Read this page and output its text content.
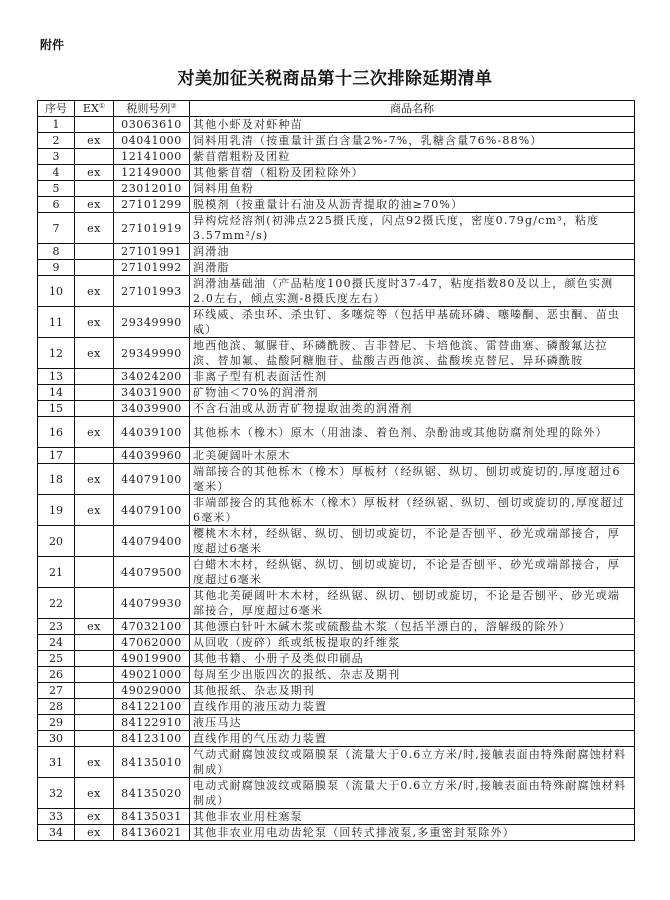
附件
对美加征关税商品第十三次排除延期清单
序号	EX①	税则号列②	商品名称
1		03063610	其他小虾及对虾种苗
2	ex	04041000	饲料用乳清（按重量计蛋白含量2%-7%，乳糖含量76%-88%）
3		12141000	紫苜蓿粗粉及团粒
4	ex	12149000	其他紫苜蓿（粗粉及团粒除外）
5		23012010	饲料用鱼粉
6	ex	27101299	脱模剂（按重量计石油及从沥青提取的油≥70%）
7	ex	27101919	异构烷烃溶剂(初沸点225摄氏度，闪点92摄氏度，密度0.79g/cm³，粘度3.57mm²/s)
8		27101991	润滑油
9		27101992	润滑脂
10	ex	27101993	润滑油基础油（产品粘度100摄氏度时37-47，粘度指数80及以上，颜色实测2.0左右，倾点实测-8摄氏度左右）
11	ex	29349990	环线威、杀虫环、杀虫钉、多噻烷等（包括甲基硫环磷、噻嗪酮、恶虫酮、苗虫威）
12	ex	29349990	地西他滨、氟脲苷、环磷酰胺、吉非替尼、卡培他滨、雷替曲塞、磷酸氟达拉滨、替加氟、盐酸阿糖胞苷、盐酸吉西他滨、盐酸埃克替尼、异环磷酰胺
13		34024200	非离子型有机表面活性剂
14		34031900	矿物油＜70%的润滑剂
15		34039900	不含石油或从沥青矿物提取油类的润滑剂
16	ex	44039100	其他栎木（橡木）原木（用油漆、着色剂、杂酚油或其他防腐剂处理的除外）
17		44039960	北美硬阔叶木原木
18	ex	44079100	端部接合的其他栎木（橡木）厚板材（经纵锯、纵切、刨切或旋切的,厚度超过6毫米）
19	ex	44079100	非端部接合的其他栎木（橡木）厚板材（经纵锯、纵切、刨切或旋切的,厚度超过6毫米）
20		44079400	樱桃木木材，经纵锯、纵切、刨切或旋切，不论是否刨平、砂光或端部接合，厚度超过6毫米
21		44079500	白蜡木木材，经纵锯、纵切、刨切或旋切，不论是否刨平、砂光或端部接合，厚度超过6毫米
22		44079930	其他北美硬阔叶木木材，经纵锯、纵切、刨切或旋切，不论是否刨平、砂光或端部接合，厚度超过6毫米
23	ex	47032100	其他漂白针叶木碱木浆或硫酸盐木浆（包括半漂白的，溶解级的除外）
24		47062000	从回收（废碎）纸或纸板提取的纤维浆
25		49019900	其他书籍、小册子及类似印刷品
26		49021000	每周至少出版四次的报纸、杂志及期刊
27		49029000	其他报纸、杂志及期刊
28		84122100	直线作用的液压动力装置
29		84122910	液压马达
30		84123100	直线作用的气压动力装置
31	ex	84135010	气动式耐腐蚀波纹或隔膜泵（流量大于0.6立方米/时,接触表面由特殊耐腐蚀材料制成）
32	ex	84135020	电动式耐腐蚀波纹或隔膜泵（流量大于0.6立方米/时,接触表面由特殊耐腐蚀材料制成）
33	ex	84135031	其他非农业用柱塞泵
34	ex	84136021	其他非农业用电动齿轮泵（回转式排液泵,多重密封泵除外）
